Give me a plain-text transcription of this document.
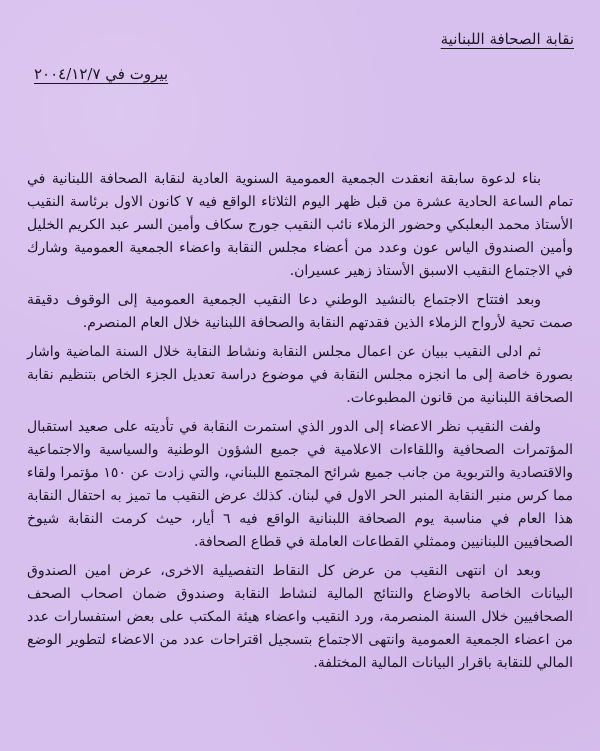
نقابة الصحافة اللبنانية
بيروت في ٢٠٠٤/١٢/٧

بناء لدعوة سابقة انعقدت الجمعية العمومية السنوية العادية لنقابة الصحافة اللبنانية في تمام الساعة الحادية عشرة من قبل ظهر اليوم الثلاثاء الواقع فيه ٧ كانون الاول برئاسة النقيب الأستاذ محمد البعلبكي وحضور الزملاء نائب النقيب جورج سكاف وأمين السر عبد الكريم الخليل وأمين الصندوق الياس عون وعدد من أعضاء مجلس النقابة واعضاء الجمعية العمومية وشارك في الاجتماع النقيب الاسبق الأستاذ زهير عسيران.

وبعد افتتاح الاجتماع بالنشيد الوطني دعا النقيب الجمعية العمومية إلى الوقوف دقيقة صمت تحية لأرواح الزملاء الذين فقدتهم النقابة والصحافة اللبنانية خلال العام المنصرم.

ثم ادلى النقيب ببيان عن اعمال مجلس النقابة ونشاط النقابة خلال السنة الماضية واشار بصورة خاصة إلى ما انجزه مجلس النقابة في موضوع دراسة تعديل الجزء الخاص بتنظيم نقابة الصحافة اللبنانية من قانون المطبوعات.

ولفت النقيب نظر الاعضاء إلى الدور الذي استمرت النقابة في تأديته على صعيد استقبال المؤتمرات الصحافية واللقاءات الاعلامية في جميع الشؤون الوطنية والسياسية والاجتماعية والاقتصادية والتربوية من جانب جميع شرائح المجتمع اللبناني، والتي زادت عن ١٥٠ مؤتمرا ولقاء مما كرس منبر النقابة المنبر الحر الاول في لبنان. كذلك عرض النقيب ما تميز به احتفال النقابة هذا العام في مناسبة يوم الصحافة اللبنانية الواقع فيه ٦ أيار، حيث كرمت النقابة شيوخ الصحافيين اللبنانيين وممثلي القطاعات العاملة في قطاع الصحافة.

وبعد ان انتهى النقيب من عرض كل النقاط التفصيلية الاخرى، عرض امين الصندوق البيانات الخاصة بالاوضاع والنتائج المالية لنشاط النقابة وصندوق ضمان اصحاب الصحف الصحافيين خلال السنة المنصرمة، ورد النقيب واعضاء هيئة المكتب على بعض استفسارات عدد من اعضاء الجمعية العمومية وانتهى الاجتماع بتسجيل اقتراحات عدد من الاعضاء لتطوير الوضع المالي للنقابة باقرار البيانات المالية المختلفة.
